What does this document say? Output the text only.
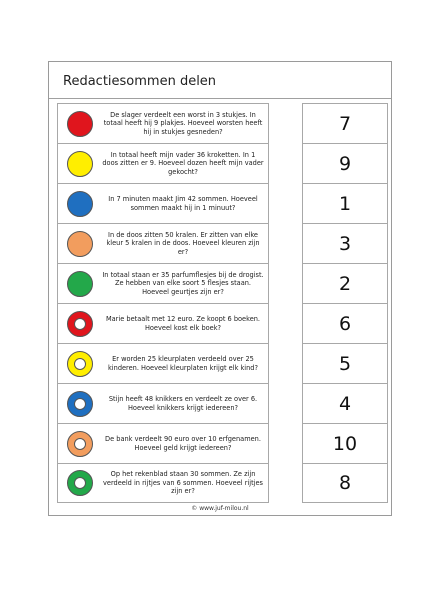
Redactiesommen delen
De slager verdeelt een worst in 3 stukjes. In totaal heeft hij 9 plakjes. Hoeveel worsten heeft hij in stukjes gesneden?
In totaal heeft mijn vader 36 kroketten. In 1 doos zitten er 9. Hoeveel dozen heeft mijn vader gekocht?
In 7 minuten maakt Jim 42 sommen. Hoeveel sommen maakt hij in 1 minuut?
In de doos zitten 50 kralen. Er zitten van elke kleur 5 kralen in de doos. Hoeveel kleuren zijn er?
In totaal staan er 35 parfumflesjes bij de drogist. Ze hebben van elke soort 5 flesjes staan. Hoeveel geurtjes zijn er?
Marie betaalt met 12 euro. Ze koopt 6 boeken. Hoeveel kost elk boek?
Er worden 25 kleurplaten verdeeld over 25 kinderen. Hoeveel kleurplaten krijgt elk kind?
Stijn heeft 48 knikkers en verdeelt ze over 6. Hoeveel knikkers krijgt iedereen?
De bank verdeelt 90 euro over 10 erfgenamen. Hoeveel geld krijgt iedereen?
Op het rekenblad staan 30 sommen. Ze zijn verdeeld in rijtjes van 6 sommen. Hoeveel rijtjes zijn er?
7
9
1
3
2
6
5
4
10
8
© www.juf-milou.nl
